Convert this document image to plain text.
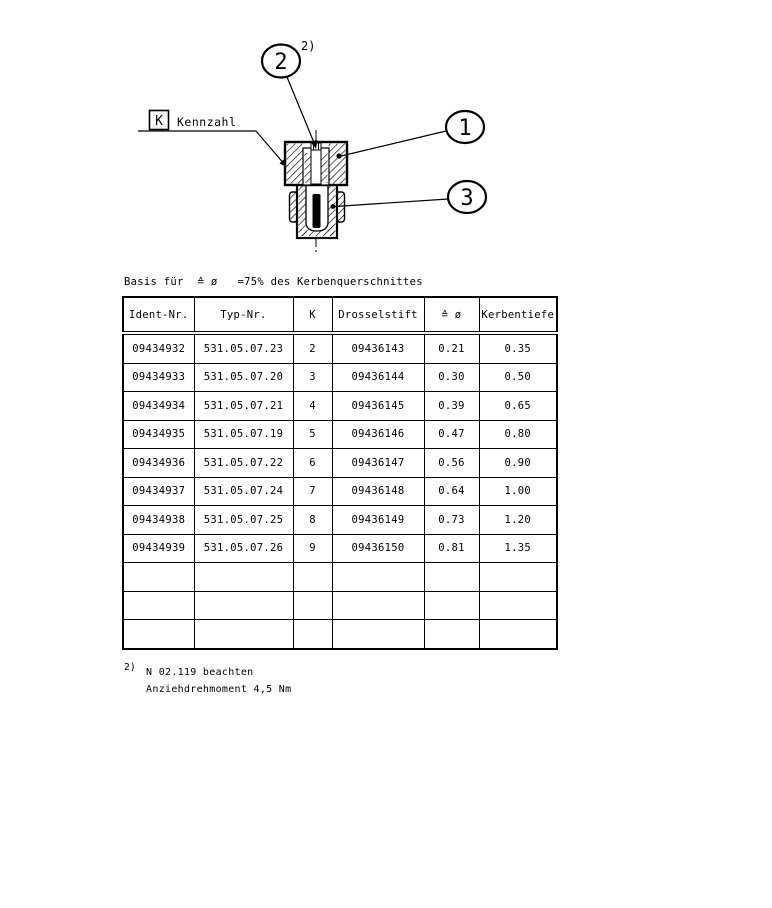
2
2)
1
3
K Kennzahl
Basis für ≙ ø =75% des Kerbenquerschnittes
Ident-Nr.	Typ-Nr.	K	Drosselstift	≙ ø	Kerbentiefe
09434932	531.05.07.23	2	09436143	0.21	0.35
09434933	531.05.07.20	3	09436144	0.30	0.50
09434934	531.05.07.21	4	09436145	0.39	0.65
09434935	531.05.07.19	5	09436146	0.47	0.80
09434936	531.05.07.22	6	09436147	0.56	0.90
09434937	531.05.07.24	7	09436148	0.64	1.00
09434938	531.05.07.25	8	09436149	0.73	1.20
09434939	531.05.07.26	9	09436150	0.81	1.35

2) N 02.119 beachten
Anziehdrehmoment 4,5 Nm
